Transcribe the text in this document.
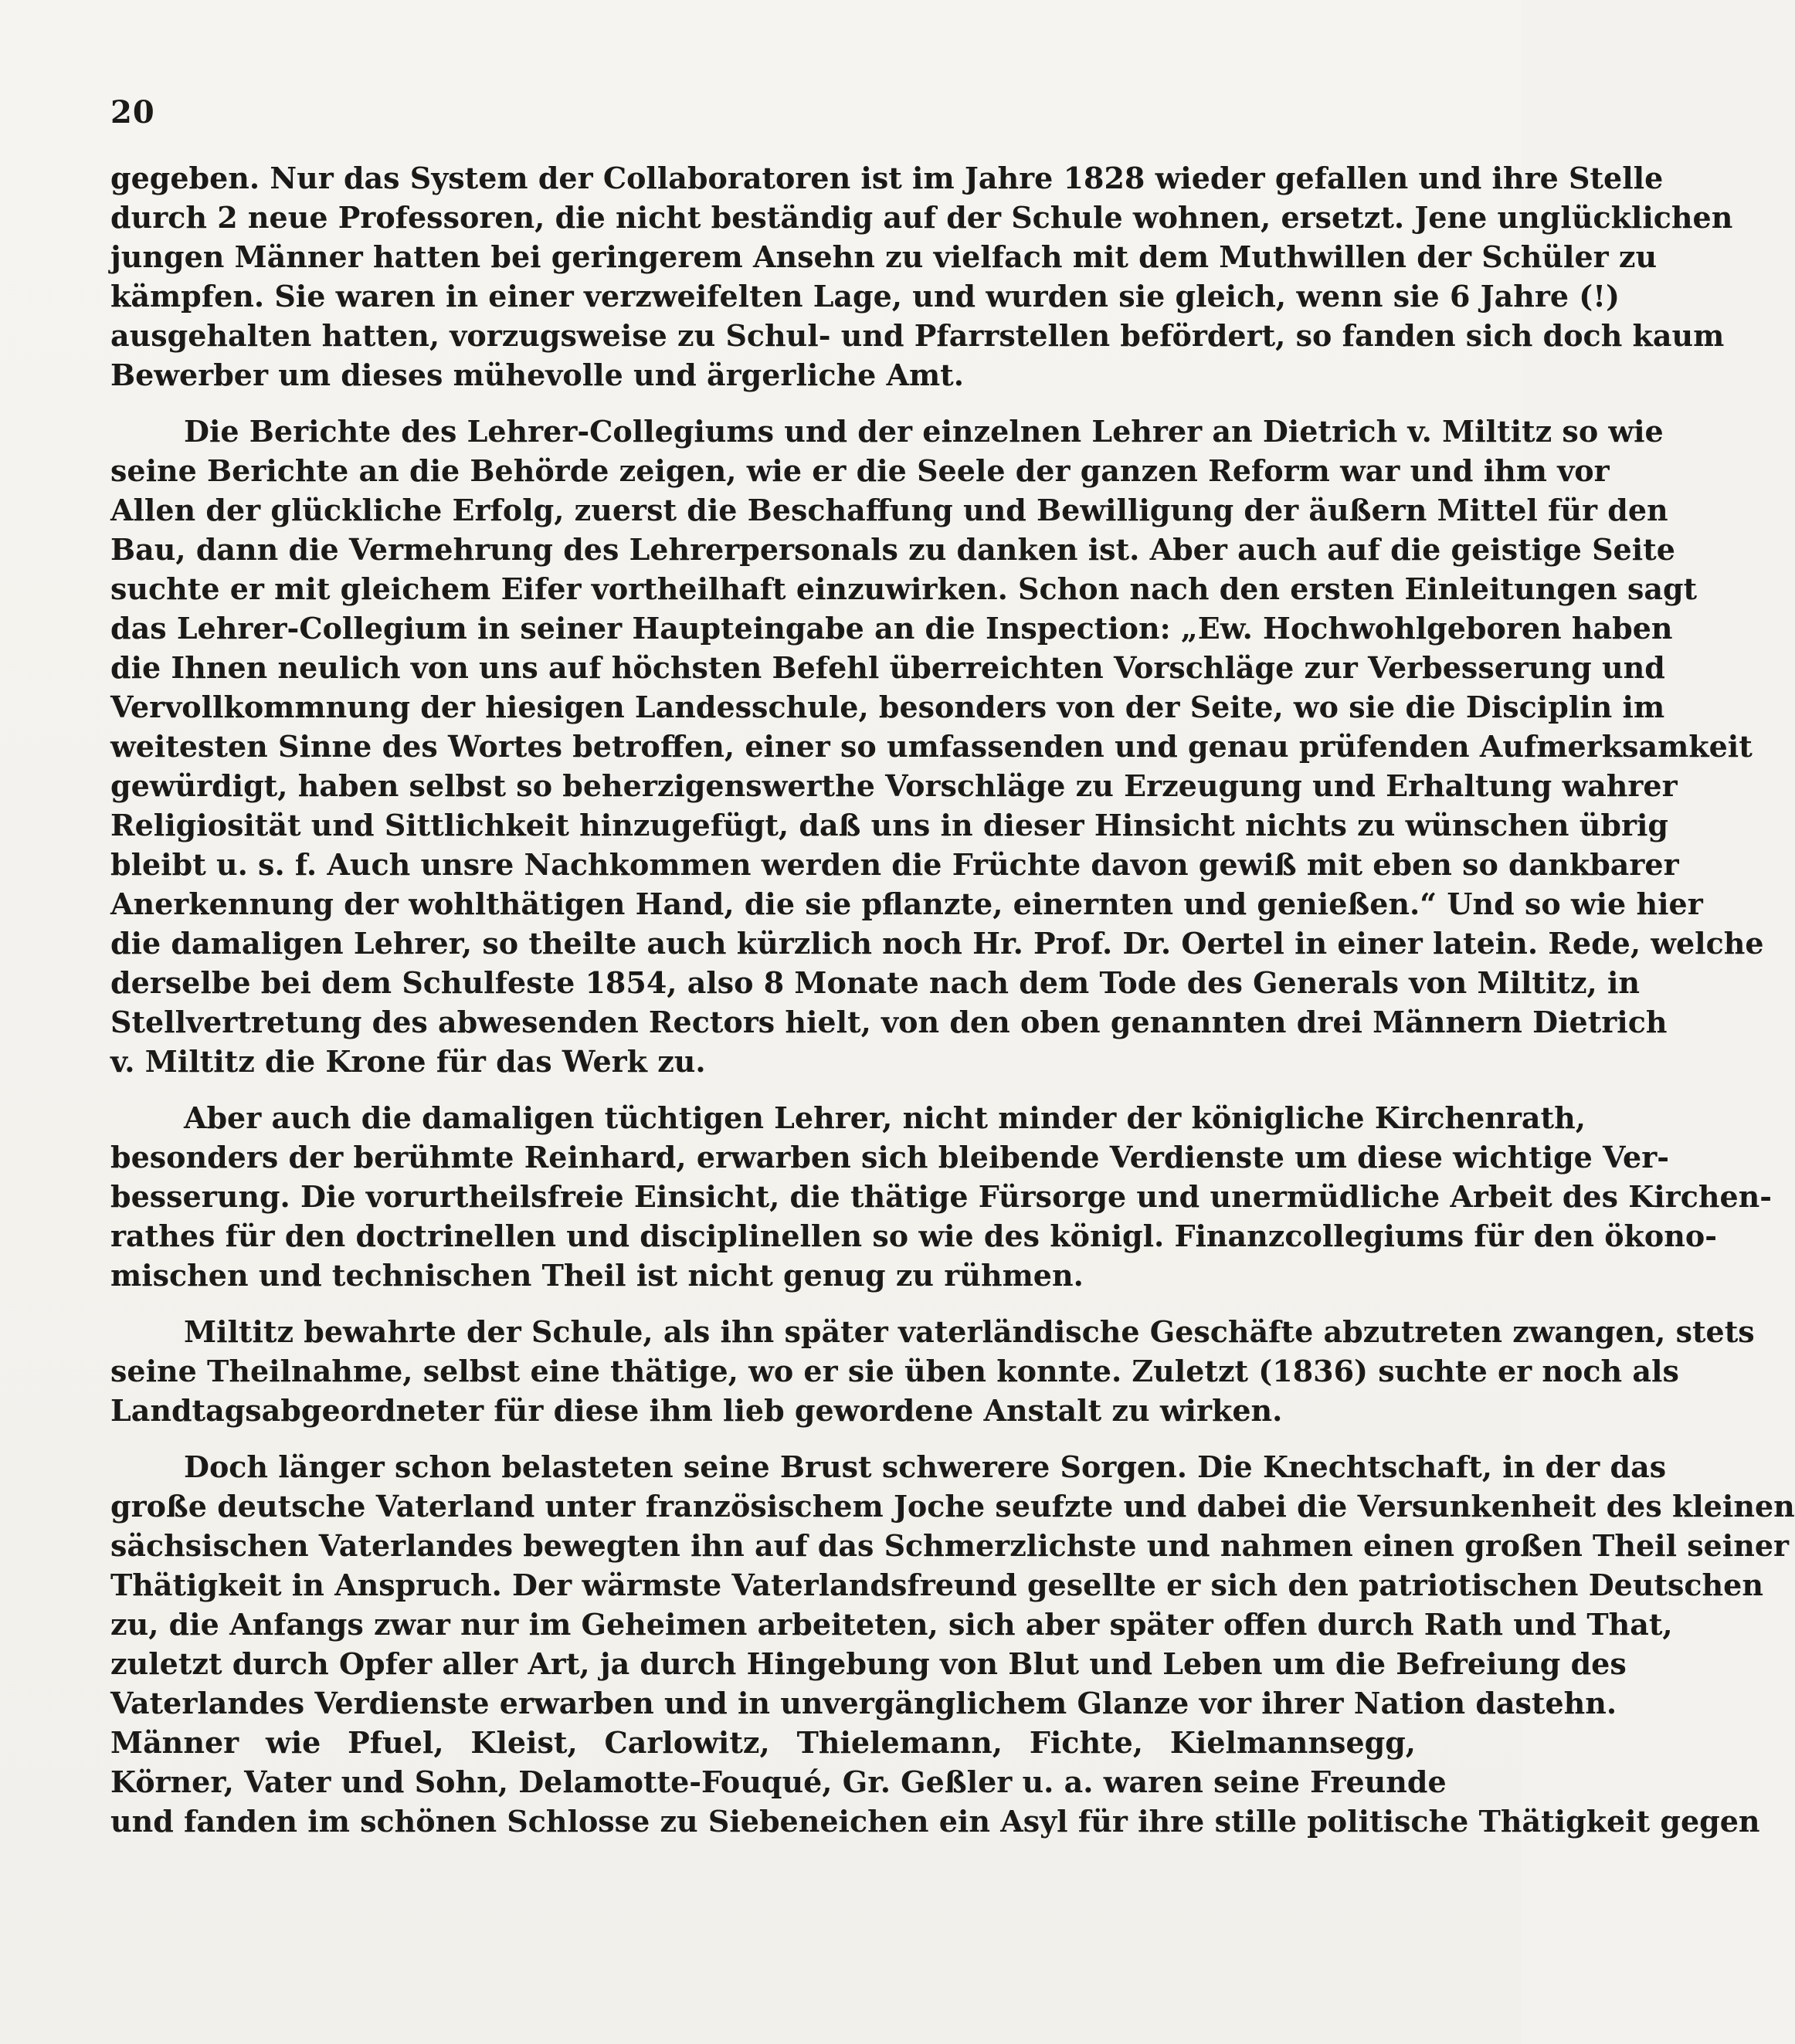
20
gegeben. Nur das System der Collaboratoren ist im Jahre 1828 wieder gefallen und ihre Stelle
durch 2 neue Professoren, die nicht beständig auf der Schule wohnen, ersetzt. Jene unglücklichen
jungen Männer hatten bei geringerem Ansehn zu vielfach mit dem Muthwillen der Schüler zu
kämpfen. Sie waren in einer verzweifelten Lage, und wurden sie gleich, wenn sie 6 Jahre (!)
ausgehalten hatten, vorzugsweise zu Schul- und Pfarrstellen befördert, so fanden sich doch kaum
Bewerber um dieses mühevolle und ärgerliche Amt.
Die Berichte des Lehrer-Collegiums und der einzelnen Lehrer an Dietrich v. Miltitz so wie
seine Berichte an die Behörde zeigen, wie er die Seele der ganzen Reform war und ihm vor
Allen der glückliche Erfolg, zuerst die Beschaffung und Bewilligung der äußern Mittel für den
Bau, dann die Vermehrung des Lehrerpersonals zu danken ist. Aber auch auf die geistige Seite
suchte er mit gleichem Eifer vortheilhaft einzuwirken. Schon nach den ersten Einleitungen sagt
das Lehrer-Collegium in seiner Haupteingabe an die Inspection: „Ew. Hochwohlgeboren haben
die Ihnen neulich von uns auf höchsten Befehl überreichten Vorschläge zur Verbesserung und
Vervollkommnung der hiesigen Landesschule, besonders von der Seite, wo sie die Disciplin im
weitesten Sinne des Wortes betroffen, einer so umfassenden und genau prüfenden Aufmerksamkeit
gewürdigt, haben selbst so beherzigenswerthe Vorschläge zu Erzeugung und Erhaltung wahrer
Religiosität und Sittlichkeit hinzugefügt, daß uns in dieser Hinsicht nichts zu wünschen übrig
bleibt u. s. f. Auch unsre Nachkommen werden die Früchte davon gewiß mit eben so dankbarer
Anerkennung der wohlthätigen Hand, die sie pflanzte, einernten und genießen.“ Und so wie hier
die damaligen Lehrer, so theilte auch kürzlich noch Hr. Prof. Dr. Oertel in einer latein. Rede, welche
derselbe bei dem Schulfeste 1854, also 8 Monate nach dem Tode des Generals von Miltitz, in
Stellvertretung des abwesenden Rectors hielt, von den oben genannten drei Männern Dietrich
v. Miltitz die Krone für das Werk zu.
Aber auch die damaligen tüchtigen Lehrer, nicht minder der königliche Kirchenrath,
besonders der berühmte Reinhard, erwarben sich bleibende Verdienste um diese wichtige Ver-
besserung. Die vorurtheilsfreie Einsicht, die thätige Fürsorge und unermüdliche Arbeit des Kirchen-
rathes für den doctrinellen und disciplinellen so wie des königl. Finanzcollegiums für den ökono-
mischen und technischen Theil ist nicht genug zu rühmen.
Miltitz bewahrte der Schule, als ihn später vaterländische Geschäfte abzutreten zwangen, stets
seine Theilnahme, selbst eine thätige, wo er sie üben konnte. Zuletzt (1836) suchte er noch als
Landtagsabgeordneter für diese ihm lieb gewordene Anstalt zu wirken.
Doch länger schon belasteten seine Brust schwerere Sorgen. Die Knechtschaft, in der das
große deutsche Vaterland unter französischem Joche seufzte und dabei die Versunkenheit des kleinen
sächsischen Vaterlandes bewegten ihn auf das Schmerzlichste und nahmen einen großen Theil seiner
Thätigkeit in Anspruch. Der wärmste Vaterlandsfreund gesellte er sich den patriotischen Deutschen
zu, die Anfangs zwar nur im Geheimen arbeiteten, sich aber später offen durch Rath und That,
zuletzt durch Opfer aller Art, ja durch Hingebung von Blut und Leben um die Befreiung des
Vaterlandes Verdienste erwarben und in unvergänglichem Glanze vor ihrer Nation dastehn.
Männer wie Pfuel, Kleist, Carlowitz, Thielemann, Fichte, Kielmannsegg,
Körner, Vater und Sohn, Delamotte-Fouqué, Gr. Geßler u. a. waren seine Freunde
und fanden im schönen Schlosse zu Siebeneichen ein Asyl für ihre stille politische Thätigkeit gegen
